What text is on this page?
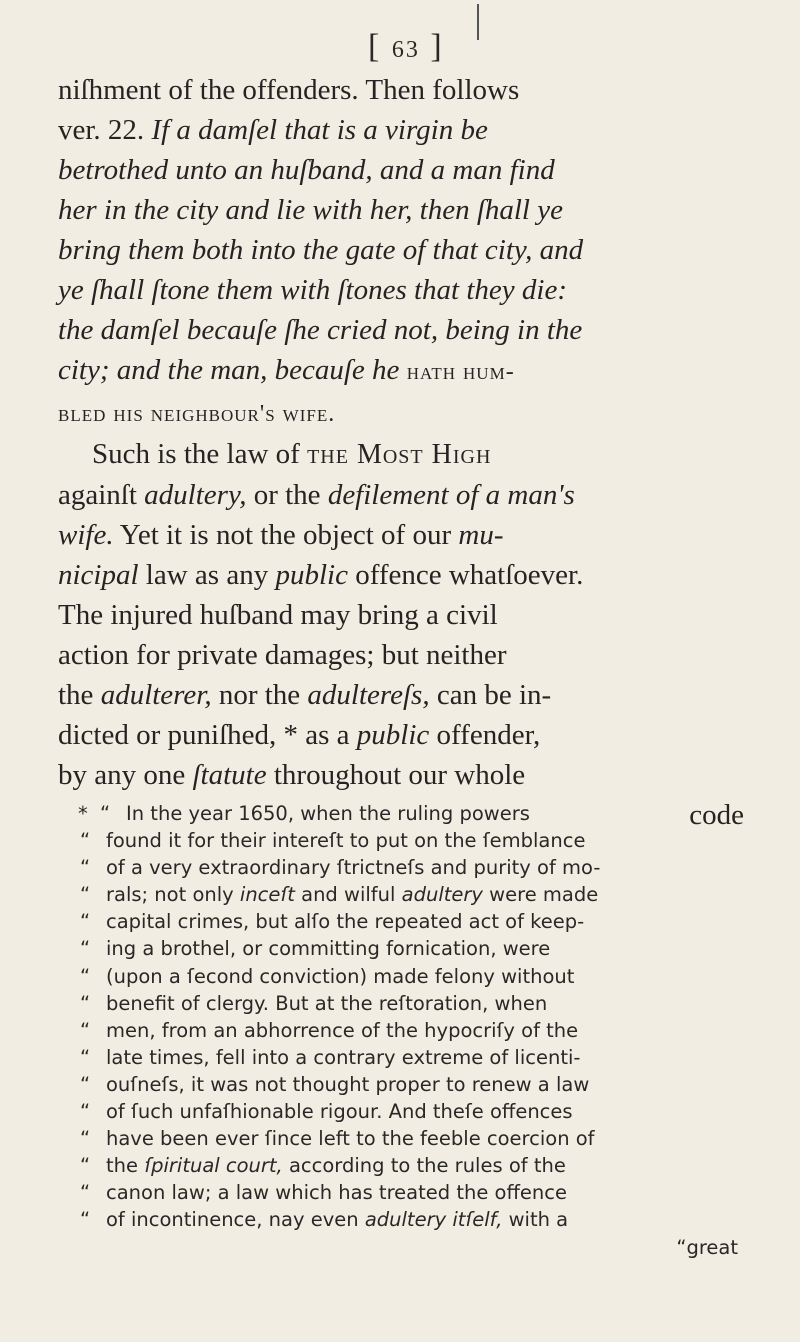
[ 63 ]
niſhment of the offenders. Then follows
ver. 22. If a damſel that is a virgin be
betrothed unto an huſband, and a man find
her in the city and lie with her, then ſhall ye
bring them both into the gate of that city, and
ye ſhall ſtone them with ſtones that they die:
the damſel becauſe ſhe cried not, being in the
city; and the man, becauſe he hath hum-
bled his neighbour's wife.
Such is the law of the Most High
againſt adultery, or the defilement of a man's
wife. Yet it is not the object of our mu-
nicipal law as any public offence whatſoever.
The injured huſband may bring a civil
action for private damages; but neither
the adulterer, nor the adultereſs, can be in-
dicted or puniſhed, * as a public offender,
by any one ſtatute throughout our whole
code
* “ In the year 1650, when the ruling powers
“ found it for their intereſt to put on the ſemblance
“ of a very extraordinary ſtrictneſs and purity of mo-
“ rals; not only inceſt and wilful adultery were made
“ capital crimes, but alſo the repeated act of keep-
“ ing a brothel, or committing fornication, were
“ (upon a ſecond conviction) made felony without
“ benefit of clergy. But at the reſtoration, when
“ men, from an abhorrence of the hypocriſy of the
“ late times, fell into a contrary extreme of licenti-
“ ouſneſs, it was not thought proper to renew a law
“ of ſuch unfaſhionable rigour. And theſe offences
“ have been ever ſince left to the feeble coercion of
“ the ſpiritual court, according to the rules of the
“ canon law; a law which has treated the offence
“ of incontinence, nay even adultery itſelf, with a
“great
